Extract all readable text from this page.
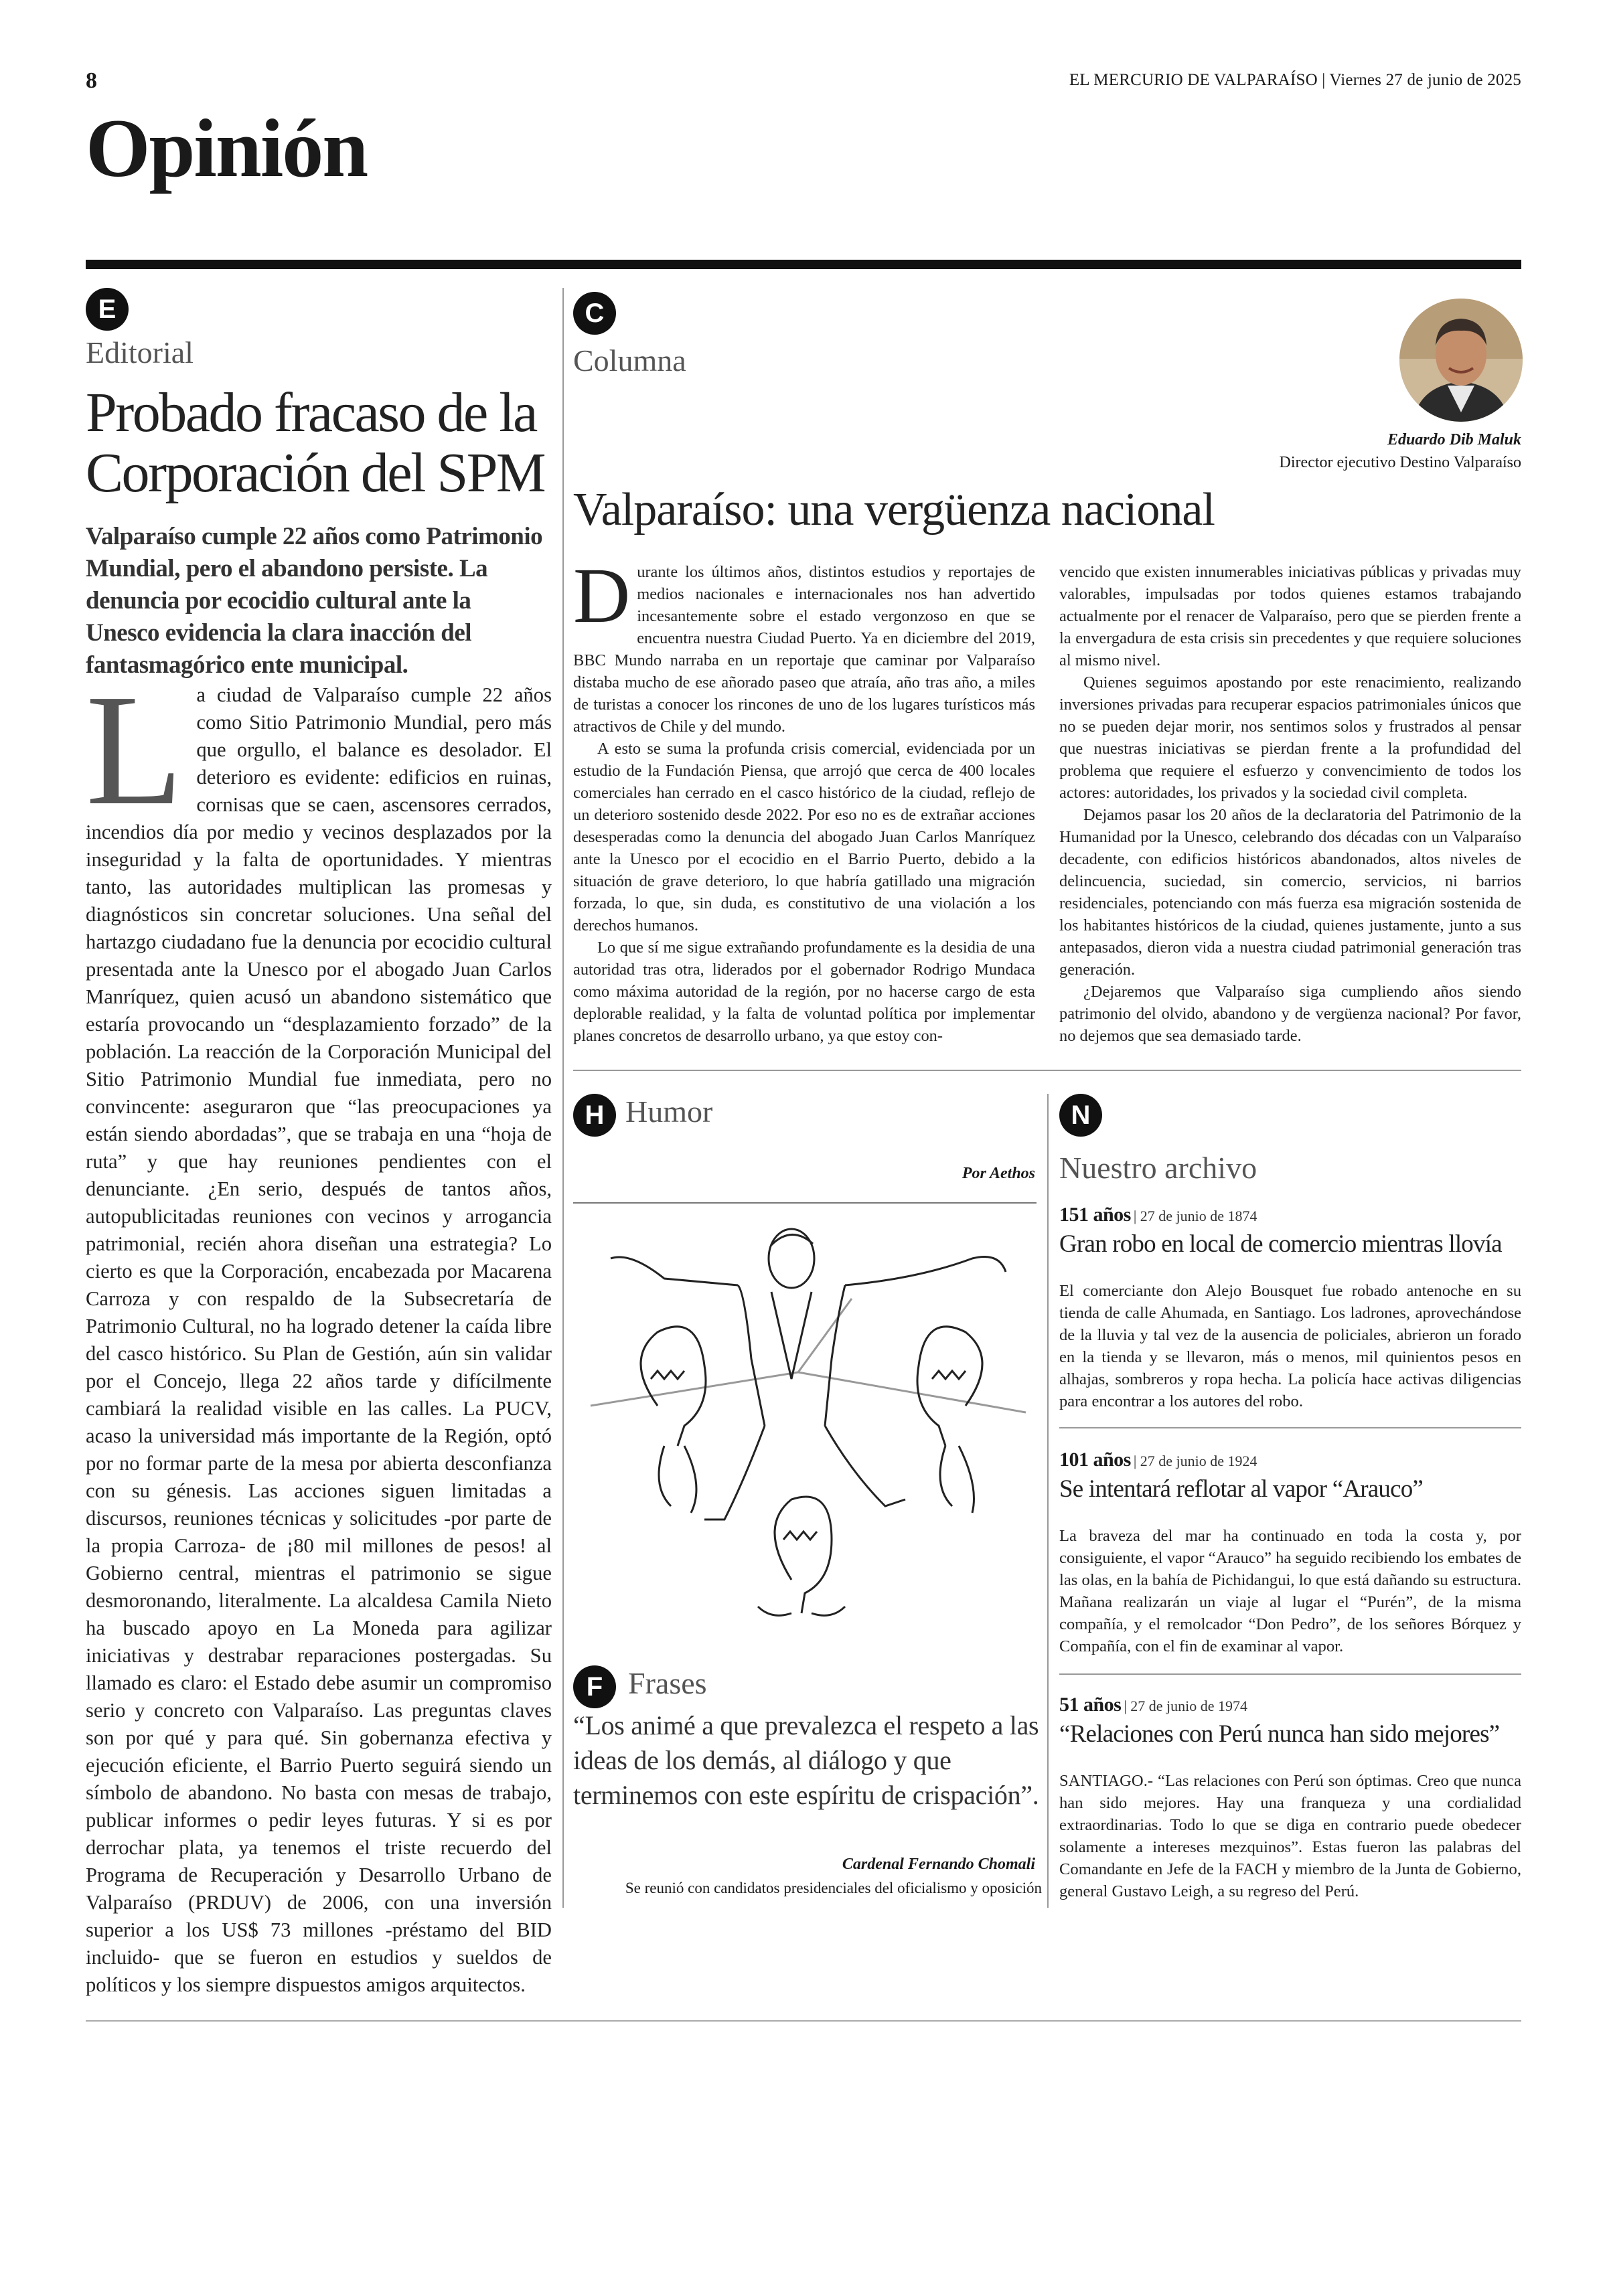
8	EL MERCURIO DE VALPARAÍSO | Viernes 27 de junio de 2025
Opinión
E
Editorial
Probado fracaso de la Corporación del SPM
Valparaíso cumple 22 años como Patrimonio Mundial, pero el abandono persiste. La denuncia por ecocidio cultural ante la Unesco evidencia la clara inacción del fantasmagórico ente municipal.
La ciudad de Valparaíso cumple 22 años como Sitio Patrimonio Mundial, pero más que orgullo, el balance es desolador. El deterioro es evidente: edificios en ruinas, cornisas que se caen, ascensores cerrados, incendios día por medio y vecinos desplazados por la inseguridad y la falta de oportunidades. Y mientras tanto, las autoridades multiplican las promesas y diagnósticos sin concretar soluciones. Una señal del hartazgo ciudadano fue la denuncia por ecocidio cultural presentada ante la Unesco por el abogado Juan Carlos Manríquez, quien acusó un abandono sistemático que estaría provocando un “desplazamiento forzado” de la población. La reacción de la Corporación Municipal del Sitio Patrimonio Mundial fue inmediata, pero no convincente: aseguraron que “las preocupaciones ya están siendo abordadas”, que se trabaja en una “hoja de ruta” y que hay reuniones pendientes con el denunciante. ¿En serio, después de tantos años, autopublicitadas reuniones con vecinos y arrogancia patrimonial, recién ahora diseñan una estrategia? Lo cierto es que la Corporación, encabezada por Macarena Carroza y con respaldo de la Subsecretaría de Patrimonio Cultural, no ha logrado detener la caída libre del casco histórico. Su Plan de Gestión, aún sin validar por el Concejo, llega 22 años tarde y difícilmente cambiará la realidad visible en las calles. La PUCV, acaso la universidad más importante de la Región, optó por no formar parte de la mesa por abierta desconfianza con su génesis. Las acciones siguen limitadas a discursos, reuniones técnicas y solicitudes -por parte de la propia Carroza- de ¡80 mil millones de pesos! al Gobierno central, mientras el patrimonio se sigue desmoronando, literalmente. La alcaldesa Camila Nieto ha buscado apoyo en La Moneda para agilizar iniciativas y destrabar reparaciones postergadas. Su llamado es claro: el Estado debe asumir un compromiso serio y concreto con Valparaíso. Las preguntas claves son por qué y para qué. Sin gobernanza efectiva y ejecución eficiente, el Barrio Puerto seguirá siendo un símbolo de abandono. No basta con mesas de trabajo, publicar informes o pedir leyes futuras. Y si es por derrochar plata, ya tenemos el triste recuerdo del Programa de Recuperación y Desarrollo Urbano de Valparaíso (PRDUV) de 2006, con una inversión superior a los US$ 73 millones -préstamo del BID incluido- que se fueron en estudios y sueldos de políticos y los siempre dispuestos amigos arquitectos.
C
Columna
Eduardo Dib Maluk
Director ejecutivo Destino Valparaíso
Valparaíso: una vergüenza nacional

Durante los últimos años, distintos estudios y reportajes de medios nacionales e internacionales nos han advertido incesantemente sobre el estado vergonzoso en que se encuentra nuestra Ciudad Puerto. Ya en diciembre del 2019, BBC Mundo narraba en un reportaje que caminar por Valparaíso distaba mucho de ese añorado paseo que atraía, año tras año, a miles de turistas a conocer los rincones de uno de los lugares turísticos más atractivos de Chile y del mundo.

A esto se suma la profunda crisis comercial, evidenciada por un estudio de la Fundación Piensa, que arrojó que cerca de 400 locales comerciales han cerrado en el casco histórico de la ciudad, reflejo de un deterioro sostenido desde 2022. Por eso no es de extrañar acciones desesperadas como la denuncia del abogado Juan Carlos Manríquez ante la Unesco por el ecocidio en el Barrio Puerto, debido a la situación de grave deterioro, lo que habría gatillado una migración forzada, lo que, sin duda, es constitutivo de una violación a los derechos humanos.

Lo que sí me sigue extrañando profundamente es la desidia de una autoridad tras otra, liderados por el gobernador Rodrigo Mundaca como máxima autoridad de la región, por no hacerse cargo de esta deplorable realidad, y la falta de voluntad política por implementar planes concretos de desarrollo urbano, ya que estoy con-

vencido que existen innumerables iniciativas públicas y privadas muy valorables, impulsadas por todos quienes estamos trabajando actualmente por el renacer de Valparaíso, pero que se pierden frente a la envergadura de esta crisis sin precedentes y que requiere soluciones al mismo nivel.

Quienes seguimos apostando por este renacimiento, realizando inversiones privadas para recuperar espacios patrimoniales únicos que no se pueden dejar morir, nos sentimos solos y frustrados al pensar que nuestras iniciativas se pierdan frente a la profundidad del problema que requiere el esfuerzo y convencimiento de todos los actores: autoridades, los privados y la sociedad civil completa.

Dejamos pasar los 20 años de la declaratoria del Patrimonio de la Humanidad por la Unesco, celebrando dos décadas con un Valparaíso decadente, con edificios históricos abandonados, altos niveles de delincuencia, suciedad, sin comercio, servicios, ni barrios residenciales, potenciando con más fuerza esa migración sostenida de los habitantes históricos de la ciudad, quienes justamente, junto a sus antepasados, dieron vida a nuestra ciudad patrimonial generación tras generación.

¿Dejaremos que Valparaíso siga cumpliendo años siendo patrimonio del olvido, abandono y de vergüenza nacional? Por favor, no dejemos que sea demasiado tarde.

H Humor
Por Aethos
F Frases
“Los animé a que prevalezca el respeto a las ideas de los demás, al diálogo y que terminemos con este espíritu de crispación”.
Cardenal Fernando Chomali
Se reunió con candidatos presidenciales del oficialismo y oposición
N
Nuestro archivo
151 años | 27 de junio de 1874
Gran robo en local de comercio mientras llovía
El comerciante don Alejo Bousquet fue robado antenoche en su tienda de calle Ahumada, en Santiago. Los ladrones, aprovechándose de la lluvia y tal vez de la ausencia de policiales, abrieron un forado en la tienda y se llevaron, más o menos, mil quinientos pesos en alhajas, sombreros y ropa hecha. La policía hace activas diligencias para encontrar a los autores del robo.
101 años | 27 de junio de 1924
Se intentará reflotar al vapor “Arauco”
La braveza del mar ha continuado en toda la costa y, por consiguiente, el vapor “Arauco” ha seguido recibiendo los embates de las olas, en la bahía de Pichidangui, lo que está dañando su estructura. Mañana realizarán un viaje al lugar el “Purén”, de la misma compañía, y el remolcador “Don Pedro”, de los señores Bórquez y Compañía, con el fin de examinar al vapor.
51 años | 27 de junio de 1974
“Relaciones con Perú nunca han sido mejores”
SANTIAGO.- “Las relaciones con Perú son óptimas. Creo que nunca han sido mejores. Hay una franqueza y una cordialidad extraordinarias. Todo lo que se diga en contrario puede obedecer solamente a intereses mezquinos”. Estas fueron las palabras del Comandante en Jefe de la FACH y miembro de la Junta de Gobierno, general Gustavo Leigh, a su regreso del Perú.
